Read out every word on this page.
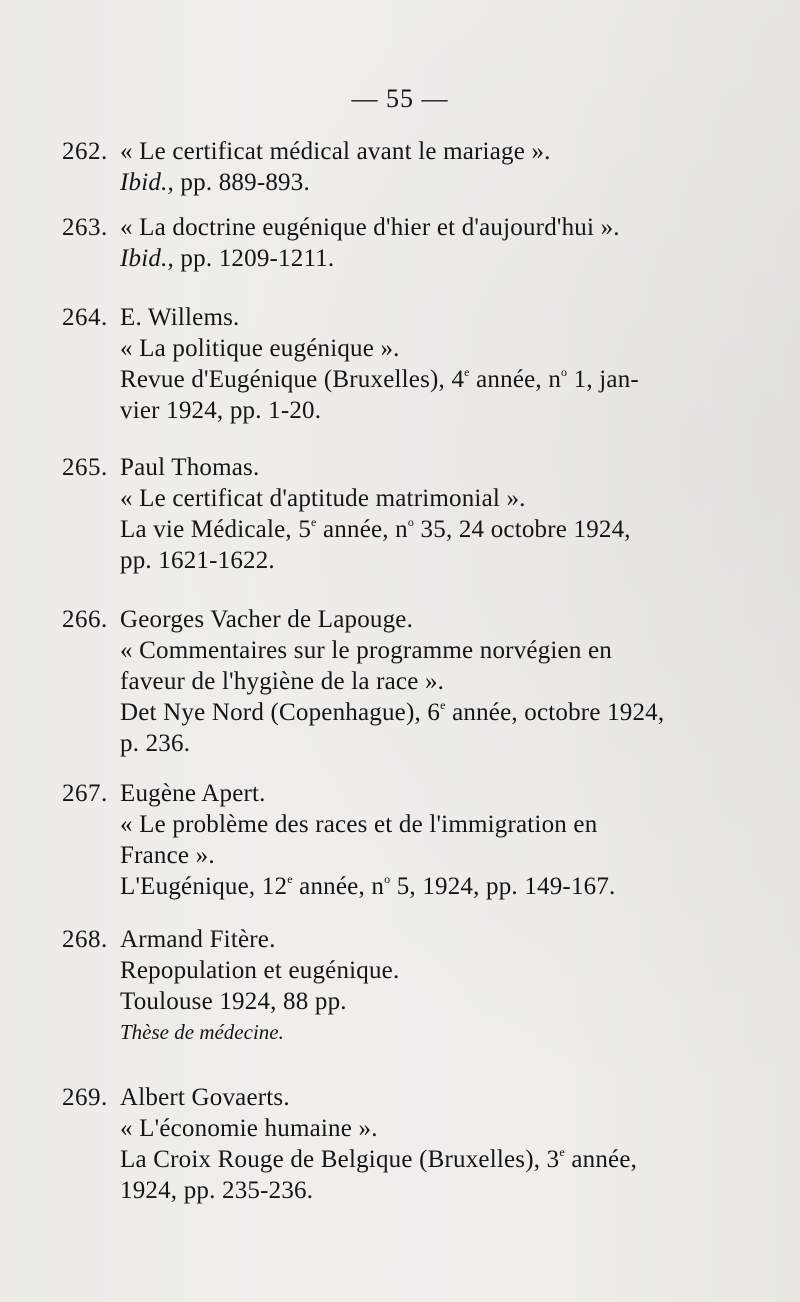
— 55 —
262. « Le certificat médical avant le mariage ».
Ibid., pp. 889-893.
263. « La doctrine eugénique d'hier et d'aujourd'hui ».
Ibid., pp. 1209-1211.
264. E. Willems.
« La politique eugénique ».
Revue d'Eugénique (Bruxelles), 4e année, $n^o$ 1, jan-
vier 1924, pp. 1-20.
265. Paul Thomas.
« Le certificat d'aptitude matrimonial ».
La vie Médicale, 5e année, $n^o$ 35, 24 octobre 1924,
pp. 1621-1622.
266. Georges Vacher de Lapouge.
« Commentaires sur le programme norvégien en
faveur de l'hygiène de la race ».
Det Nye Nord (Copenhague), 6e année, octobre 1924,
p. 236.
267. Eugène Apert.
« Le problème des races et de l'immigration en
France ».
L'Eugénique, 12e année, $n^o$ 5, 1924, pp. 149-167.
268. Armand Fitère.
Repopulation et eugénique.
Toulouse 1924, 88 pp.
Thèse de médecine.
269. Albert Govaerts.
« L'économie humaine ».
La Croix Rouge de Belgique (Bruxelles), 3e année,
1924, pp. 235-236.
